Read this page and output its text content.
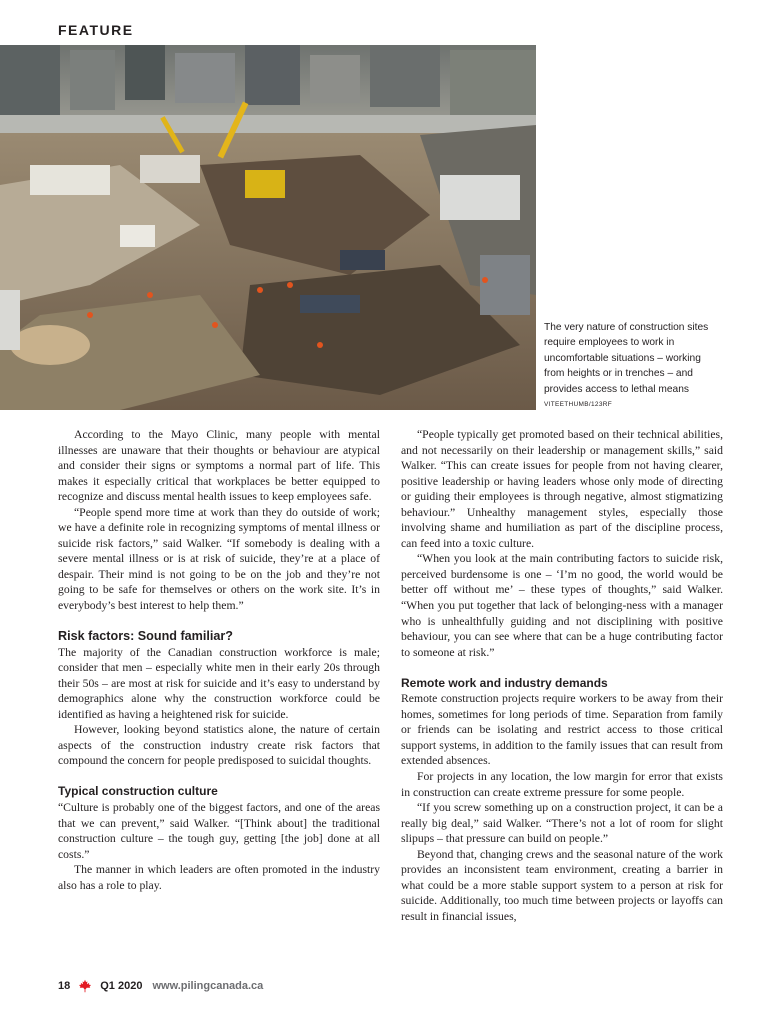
FEATURE
The very nature of construction sites require employees to work in uncomfortable situations – working from heights or in trenches – and provides access to lethal means
VITEETHUMB/123RF

According to the Mayo Clinic, many people with mental illnesses are unaware that their thoughts or behaviour are atypical and consider their signs or symptoms a normal part of life. This makes it especially critical that workplaces be better equipped to recognize and discuss mental health issues to keep employees safe.

“People spend more time at work than they do outside of work; we have a definite role in recognizing symptoms of mental illness or suicide risk factors,” said Walker. “If somebody is dealing with a severe mental illness or is at risk of suicide, they’re at a place of despair. Their mind is not going to be on the job and they’re not going to be safe for themselves or others on the work site. It’s in everybody’s best interest to help them.”

Risk factors: Sound familiar?

The majority of the Canadian construction workforce is male; consider that men – especially white men in their early 20s through their 50s – are most at risk for suicide and it’s easy to understand by demographics alone why the construction workforce could be identified as having a heightened risk for suicide.

However, looking beyond statistics alone, the nature of certain aspects of the construction industry create risk factors that compound the concern for people predisposed to suicidal thoughts.

Typical construction culture

“Culture is probably one of the biggest factors, and one of the areas that we can prevent,” said Walker. “[Think about] the traditional construction culture – the tough guy, getting [the job] done at all costs.”

The manner in which leaders are often promoted in the industry also has a role to play.

“People typically get promoted based on their technical abilities, and not necessarily on their leadership or management skills,” said Walker. “This can create issues for people from not having clearer, positive leadership or having leaders whose only mode of directing or guiding their employees is through negative, almost stigmatizing behaviour.” Unhealthy management styles, especially those involving shame and humiliation as part of the discipline process, can feed into a toxic culture.

“When you look at the main contributing factors to suicide risk, perceived burdensome is one – ‘I’m no good, the world would be better off without me’ – these types of thoughts,” said Walker. “When you put together that lack of belonging-ness with a manager who is unhealthfully guiding and not disciplining with positive behaviour, you can see where that can be a huge contributing factor to someone at risk.”

Remote work and industry demands

Remote construction projects require workers to be away from their homes, sometimes for long periods of time. Separation from family or friends can be isolating and restrict access to those critical support systems, in addition to the family issues that can result from extended absences.

For projects in any location, the low margin for error that exists in construction can create extreme pressure for some people.

“If you screw something up on a construction project, it can be a really big deal,” said Walker. “There’s not a lot of room for slight slipups – that pressure can build on people.”

Beyond that, changing crews and the seasonal nature of the work provides an inconsistent team environment, creating a barrier in what could be a more stable support system to a person at risk for suicide. Additionally, too much time between projects or layoffs can result in financial issues,

18	Q1 2020 www.pilingcanada.ca
